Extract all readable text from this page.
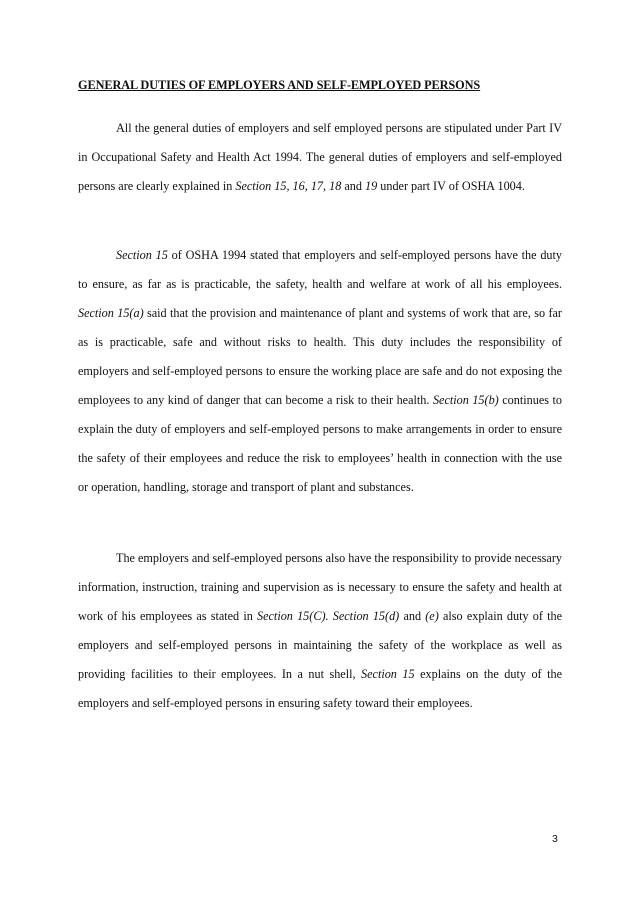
GENERAL DUTIES OF EMPLOYERS AND SELF-EMPLOYED PERSONS

All the general duties of employers and self employed persons are stipulated under Part IV in Occupational Safety and Health Act 1994. The general duties of employers and self-employed persons are clearly explained in Section 15, 16, 17, 18 and 19 under part IV of OSHA 1004.

Section 15 of OSHA 1994 stated that employers and self-employed persons have the duty to ensure, as far as is practicable, the safety, health and welfare at work of all his employees. Section 15(a) said that the provision and maintenance of plant and systems of work that are, so far as is practicable, safe and without risks to health. This duty includes the responsibility of employers and self-employed persons to ensure the working place are safe and do not exposing the employees to any kind of danger that can become a risk to their health. Section 15(b) continues to explain the duty of employers and self-employed persons to make arrangements in order to ensure the safety of their employees and reduce the risk to employees’ health in connection with the use or operation, handling, storage and transport of plant and substances.

The employers and self-employed persons also have the responsibility to provide necessary information, instruction, training and supervision as is necessary to ensure the safety and health at work of his employees as stated in Section 15(C). Section 15(d) and (e) also explain duty of the employers and self-employed persons in maintaining the safety of the workplace as well as providing facilities to their employees. In a nut shell, Section 15 explains on the duty of the employers and self-employed persons in ensuring safety toward their employees.

3
